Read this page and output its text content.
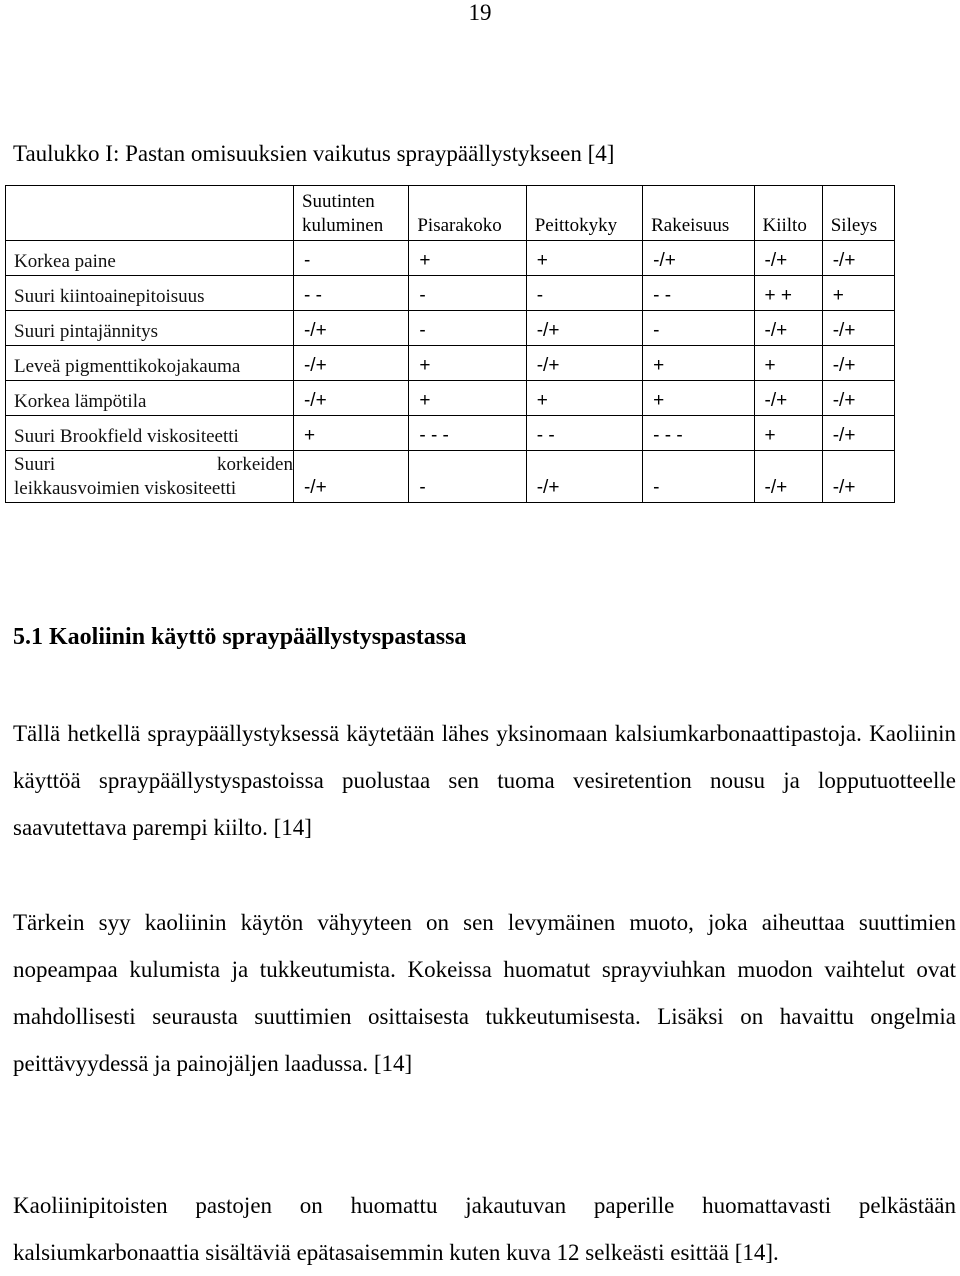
19
Taulukko I: Pastan omisuuksien vaikutus spraypäällystykseen [4]
	Suutinten kuluminen	Pisarakoko	Peittokyky	Rakeisuus	Kiilto	Sileys
Korkea paine	-	+	+	-/+	-/+	-/+
Suuri kiintoainepitoisuus	- -	-	-	- -	+ +	+
Suuri pintajännitys	-/+	-	-/+	-	-/+	-/+
Leveä pigmenttikokojakauma	-/+	+	-/+	+	+	-/+
Korkea lämpötila	-/+	+	+	+	-/+	-/+
Suuri Brookfield viskositeetti	+	- - -	- -	- - -	+	-/+

Suuri korkeiden
leikkausvoimien viskositeetti	-/+	-	-/+	-	-/+	-/+
5.1 Kaoliinin käyttö spraypäällystyspastassa

Tällä hetkellä spraypäällystyksessä käytetään lähes yksinomaan kalsiumkarbonaattipastoja. Kaoliinin käyttöä spraypäällystyspastoissa puolustaa sen tuoma vesiretention nousu ja lopputuotteelle saavutettava parempi kiilto. [14]

Tärkein syy kaoliinin käytön vähyyteen on sen levymäinen muoto, joka aiheuttaa suuttimien nopeampaa kulumista ja tukkeutumista. Kokeissa huomatut sprayviuhkan muodon vaihtelut ovat mahdollisesti seurausta suuttimien osittaisesta tukkeutumisesta. Lisäksi on havaittu ongelmia peittävyydessä ja painojäljen laadussa. [14]

Kaoliinipitoisten pastojen on huomattu jakautuvan paperille huomattavasti pelkästään kalsiumkarbonaattia sisältäviä epätasaisemmin kuten kuva 12 selkeästi esittää [14].
